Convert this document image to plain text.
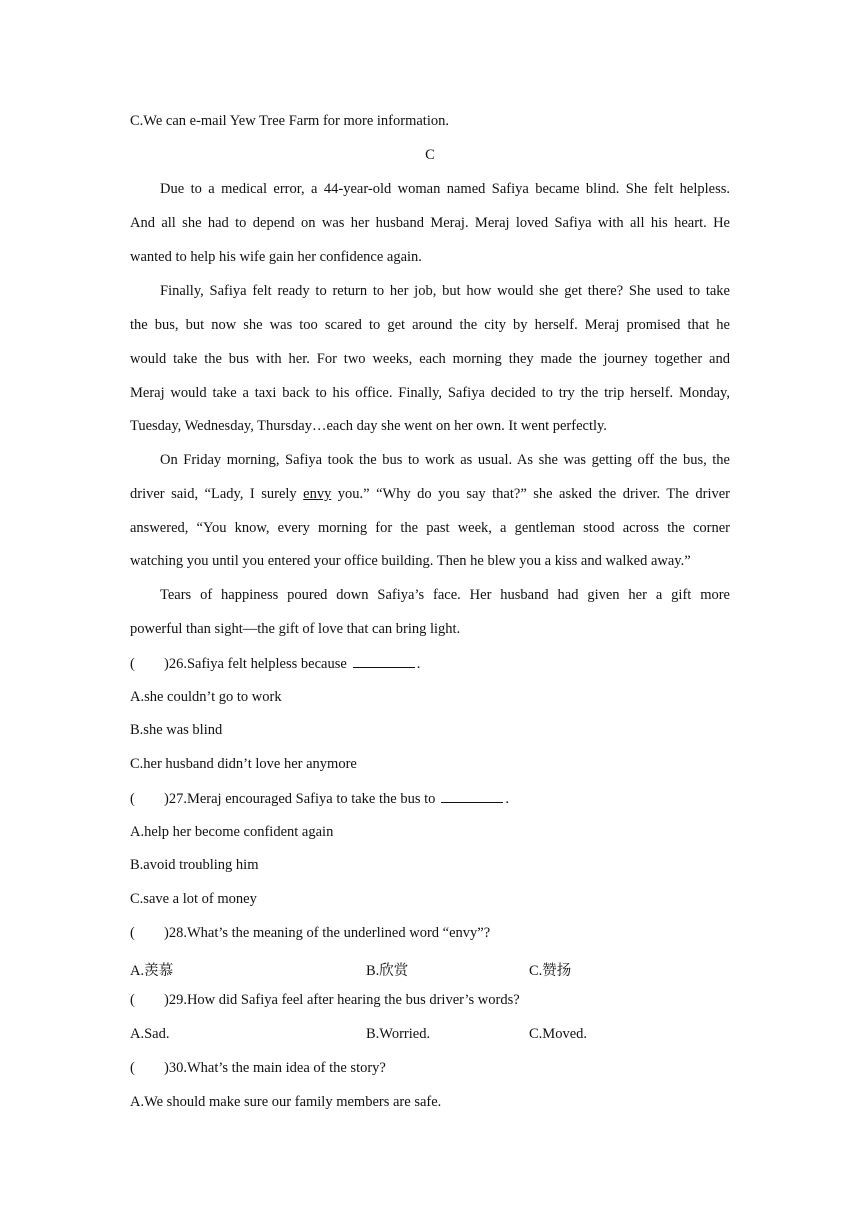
C.We can e-mail Yew Tree Farm for more information.
C
Due to a medical error, a 44-year-old woman named Safiya became blind. She felt helpless.
And all she had to depend on was her husband Meraj. Meraj loved Safiya with all his heart. He
wanted to help his wife gain her confidence again.
Finally, Safiya felt ready to return to her job, but how would she get there? She used to take
the bus, but now she was too scared to get around the city by herself. Meraj promised that he
would take the bus with her. For two weeks, each morning they made the journey together and
Meraj would take a taxi back to his office. Finally, Safiya decided to try the trip herself. Monday,
Tuesday, Wednesday, Thursday…each day she went on her own. It went perfectly.
On Friday morning, Safiya took the bus to work as usual. As she was getting off the bus, the
driver said, “Lady, I surely envy you.” “Why do you say that?” she asked the driver. The driver
answered, “You know, every morning for the past week, a gentleman stood across the corner
watching you until you entered your office building. Then he blew you a kiss and walked away.”
Tears of happiness poured down Safiya’s face. Her husband had given her a gift more
powerful than sight—the gift of love that can bring light.
( )26.Safiya felt helpless because	.
A.she couldn’t go to work
B.she was blind
C.her husband didn’t love her anymore
( )27.Meraj encouraged Safiya to take the bus to	.
A.help her become confident again
B.avoid troubling him
C.save a lot of money
( )28.What’s the meaning of the underlined word “envy”?
A.羡慕	B.欣赏	C.赞扬
( )29.How did Safiya feel after hearing the bus driver’s words?
A.Sad.	B.Worried.	C.Moved.
( )30.What’s the main idea of the story?
A.We should make sure our family members are safe.
